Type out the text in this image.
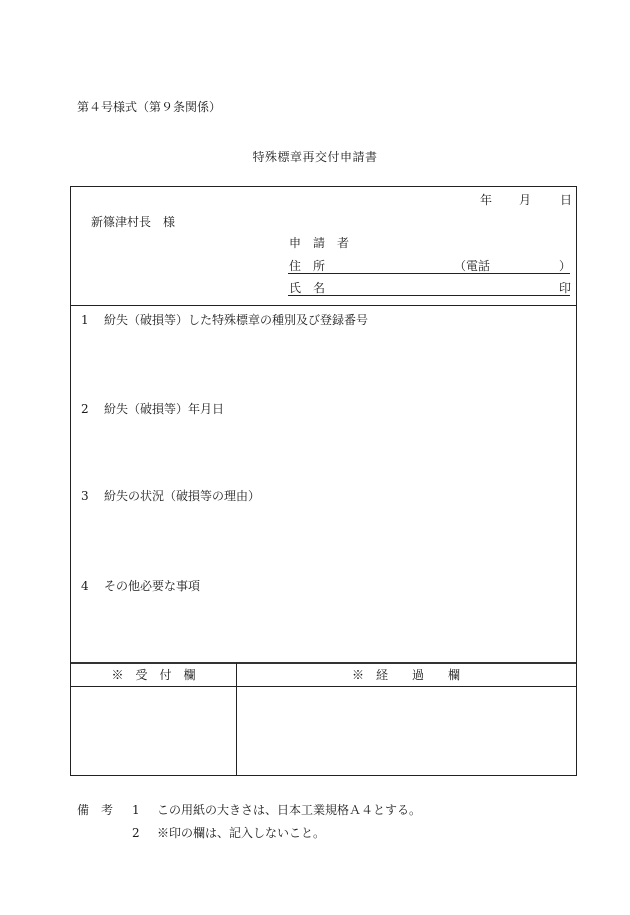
第４号様式（第９条関係）
特殊標章再交付申請書
年 月 日
新篠津村長　様
申　請　者
住　所	（電話	）
氏　名	印
1 紛失（破損等）した特殊標章の種別及び登録番号
2 紛失（破損等）年月日
3 紛失の状況（破損等の理由）
4 その他必要な事項
※　受　付　欄	※　経　　過　　欄
備　考 1 この用紙の大きさは、日本工業規格Ａ４とする。
2 ※印の欄は、記入しないこと。
